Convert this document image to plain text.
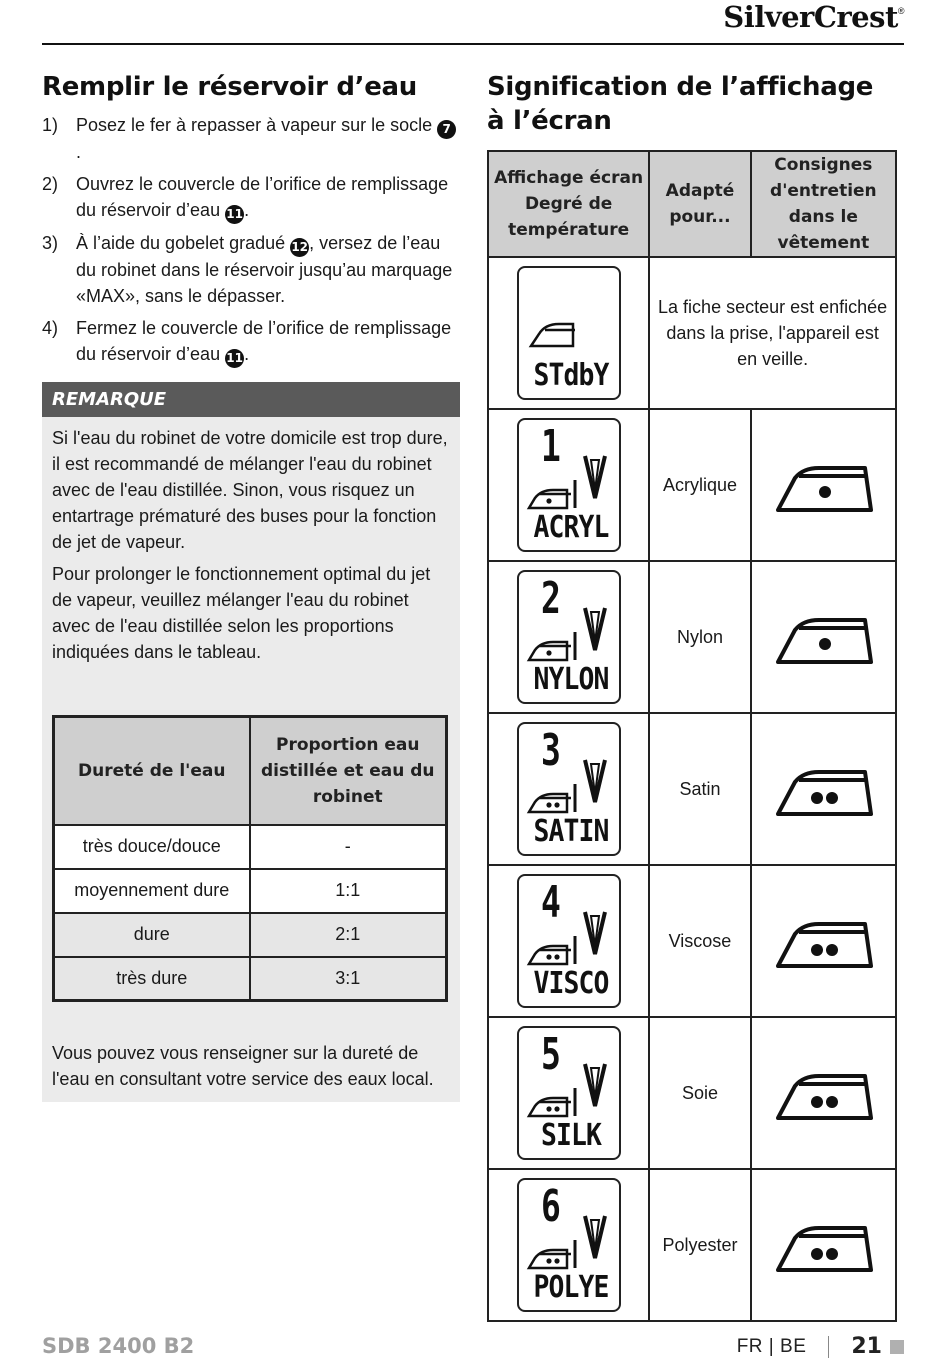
SilverCrest®
Remplir le réservoir d’eau
1) Posez le fer à repasser à vapeur sur le socle 7.
2) Ouvrez le couvercle de l’orifice de remplissage du réservoir d’eau 11.
3) À l’aide du gobelet gradué 12, versez de l’eau du robinet dans le réservoir jusqu’au marquage «MAX», sans le dépasser.
4) Fermez le couvercle de l’orifice de remplissage du réservoir d’eau 11.
REMARQUE

Si l'eau du robinet de votre domicile est trop dure, il est recommandé de mélanger l'eau du robinet avec de l'eau distillée. Sinon, vous risquez un entartrage prématuré des buses pour la fonction de jet de vapeur.

Pour prolonger le fonctionnement optimal du jet de vapeur, veuillez mélanger l'eau du robinet avec de l'eau distillée selon les proportions indiquées dans le tableau.

Dureté de l'eau	Proportion eau distillée et eau du robinet
très douce/douce	-
moyennement dure	1:1
dure	2:1
très dure	3:1

Vous pouvez vous renseigner sur la dureté de l'eau en consultant votre service des eaux local.

Signification de l’affichage à l’écran
Affichage écran Degré de température	Adapté pour...	Consignes d'entretien dans le vêtement

STdbY	La fiche secteur est enfichée dans la prise, l'appareil est en veille.	

1
ACRYL	Acrylique	

2
NYLON	Nylon	

3
SATIN	Satin	

4
VISCO	Viscose	

5
SILK	Soie	

6
POLYE	Polyester	
SDB 2400 B2	FR | BE 21
